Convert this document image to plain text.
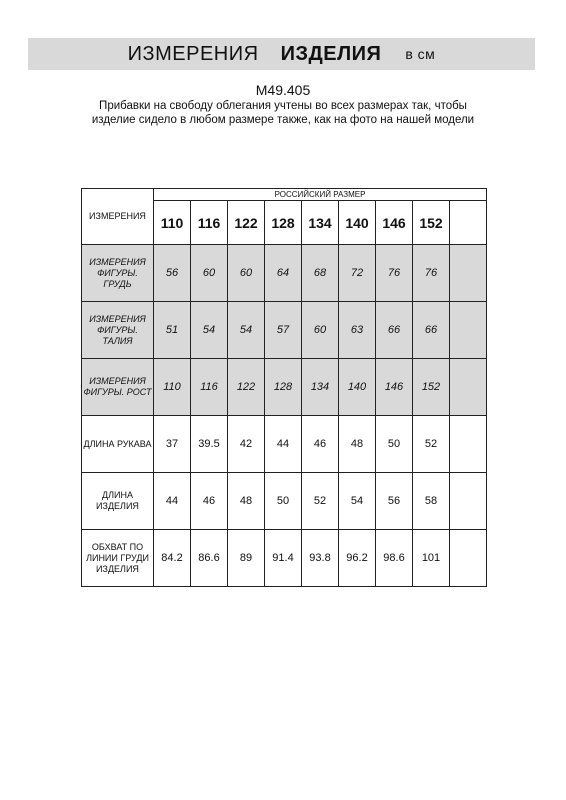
ИЗМЕРЕНИЯ ИЗДЕЛИЯ в см
М49.405
Прибавки на свободу облегания учтены во всех размерах так, чтобы изделие сидело в любом размере также, как на фото на нашей модели
ИЗМЕРЕНИЯ	РОССИЙСКИЙ РАЗМЕР								
	110	116	122	128	134	140	146	152	
ИЗМЕРЕНИЯ ФИГУРЫ. ГРУДЬ	56	60	60	64	68	72	76	76	
ИЗМЕРЕНИЯ ФИГУРЫ. ТАЛИЯ	51	54	54	57	60	63	66	66	
ИЗМЕРЕНИЯ ФИГУРЫ. РОСТ	110	116	122	128	134	140	146	152	
ДЛИНА РУКАВА	37	39.5	42	44	46	48	50	52	
ДЛИНА ИЗДЕЛИЯ	44	46	48	50	52	54	56	58	
ОБХВАТ ПО ЛИНИИ ГРУДИ ИЗДЕЛИЯ	84.2	86.6	89	91.4	93.8	96.2	98.6	101	
